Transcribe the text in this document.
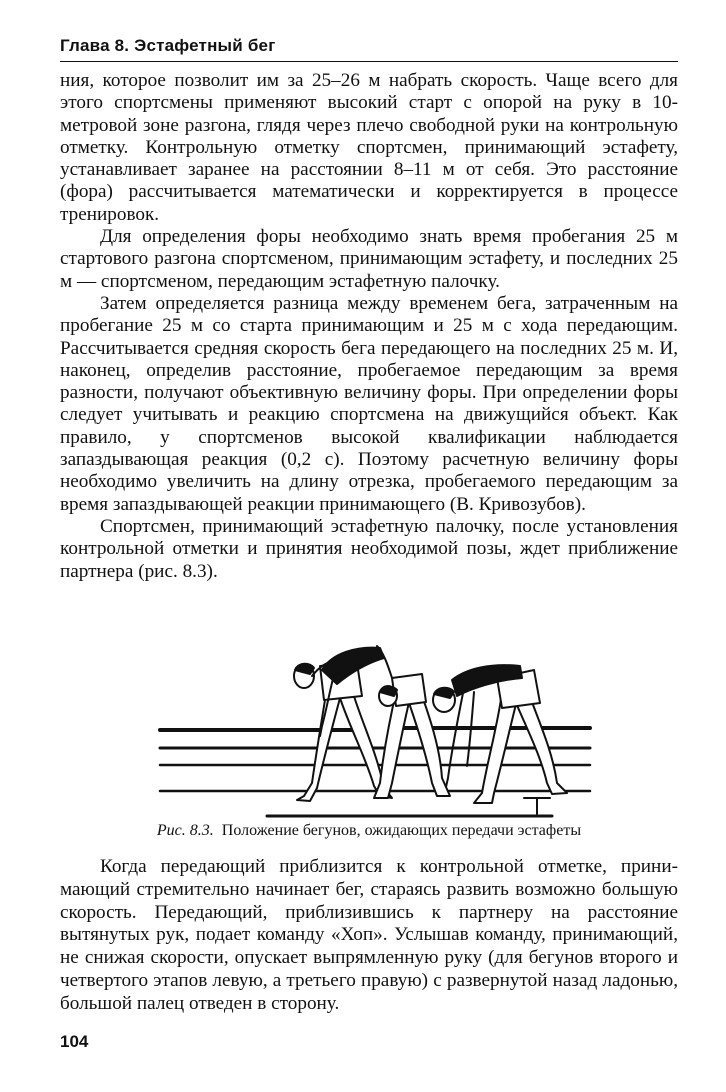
Глава 8. Эстафетный бег

ния, которое позволит им за 25–26 м набрать скорость. Чаще всего для этого спортсмены применяют высокий старт с опорой на руку в 10-метровой зоне разгона, глядя через плечо свободной руки на контрольную отметку. Контрольную отметку спортсмен, принимающий эстафету, устанавливает заранее на расстоянии 8–11 м от себя. Это расстояние (фора) рассчитывается математически и корректируется в процессе тренировок.

Для определения форы необходимо знать время пробегания 25 м стартового разгона спортсменом, принимающим эстафету, и последних 25 м — спортсменом, передающим эстафетную палочку.

Затем определяется разница между временем бега, затраченным на пробегание 25 м со старта принимающим и 25 м с хода передающим. Рассчитывается средняя скорость бега передающего на последних 25 м. И, наконец, определив расстояние, пробегаемое передающим за время разности, получают объективную величину форы. При определении форы следует учитывать и реакцию спортсмена на движущийся объект. Как правило, у спортсменов высокой квалификации наблюдается запаздывающая реакция (0,2 с). Поэтому расчетную величину форы необходимо увеличить на длину отрезка, пробегаемого передающим за время запаздывающей реакции принимающего (В. Кривозубов).

Спортсмен, принимающий эстафетную палочку, после установления контрольной отметки и принятия необходимой позы, ждет приближение партнера (рис. 8.3).

Рис. 8.3. Положение бегунов, ожидающих передачи эстафеты

Когда передающий приблизится к контрольной отметке, принимающий стремительно начинает бег, стараясь развить возможно большую скорость. Передающий, приблизившись к партнеру на расстояние вытянутых рук, подает команду «Хоп». Услышав команду, принимающий, не снижая скорости, опускает выпрямленную руку (для бегунов второго и четвертого этапов левую, а третьего правую) с развернутой назад ладонью, большой палец отведен в сторону.

104
